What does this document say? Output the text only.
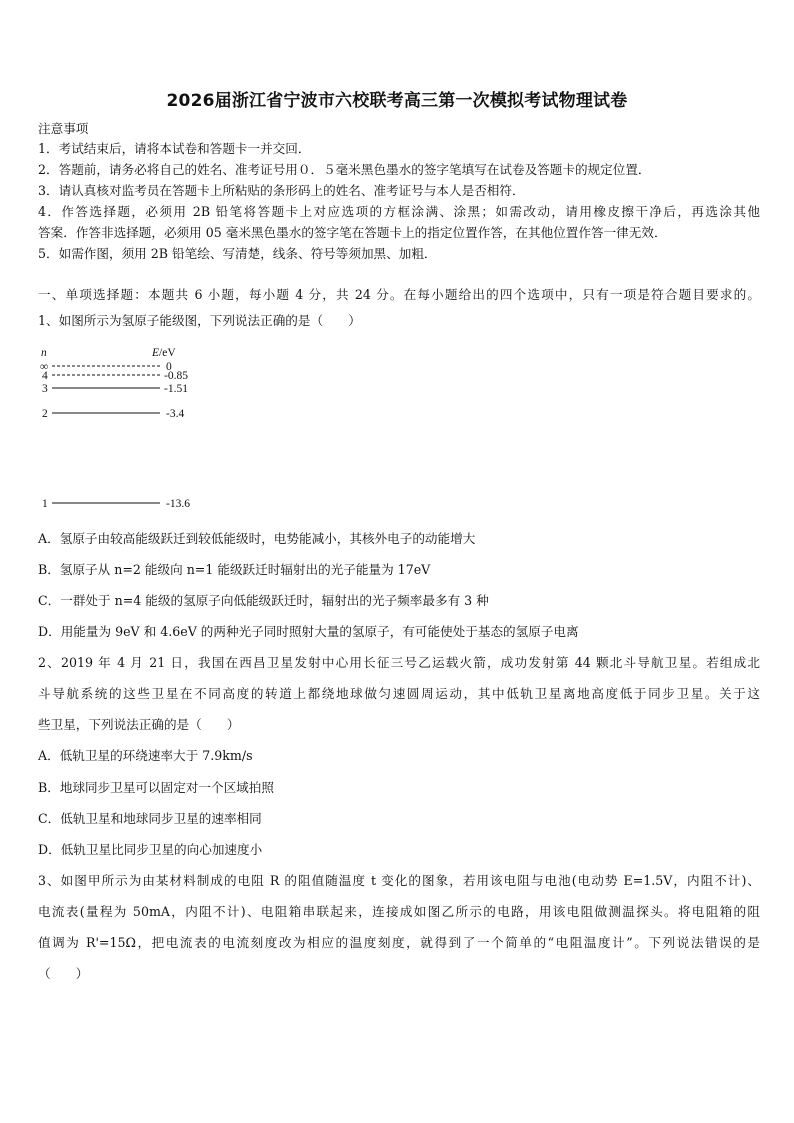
2026届浙江省宁波市六校联考高三第一次模拟考试物理试卷
注意事项
1．考试结束后，请将本试卷和答题卡一并交回．
2．答题前，请务必将自己的姓名、准考证号用０．５毫米黑色墨水的签字笔填写在试卷及答题卡的规定位置．
3．请认真核对监考员在答题卡上所粘贴的条形码上的姓名、准考证号与本人是否相符．
4．作答选择题，必须用 2B 铅笔将答题卡上对应选项的方框涂满、涂黑；如需改动，请用橡皮擦干净后，再选涂其他
答案．作答非选择题，必须用 05 毫米黑色墨水的签字笔在答题卡上的指定位置作答，在其他位置作答一律无效．
5．如需作图，须用 2B 铅笔绘、写清楚，线条、符号等须加黑、加粗．
一、单项选择题：本题共 6 小题，每小题 4 分，共 24 分。在每小题给出的四个选项中，只有一项是符合题目要求的。
1、如图所示为氢原子能级图，下列说法正确的是（　　）
n	E/eV
∞	0
4	-0.85
3	-1.51
2	-3.4
1	-13.6
A．氢原子由较高能级跃迁到较低能级时，电势能减小，其核外电子的动能增大
B．氢原子从 n=2 能级向 n=1 能级跃迁时辐射出的光子能量为 17eV
C．一群处于 n=4 能级的氢原子向低能级跃迁时，辐射出的光子频率最多有 3 种
D．用能量为 9eV 和 4.6eV 的两种光子同时照射大量的氢原子，有可能使处于基态的氢原子电离
2、2019 年 4 月 21 日，我国在西昌卫星发射中心用长征三号乙运载火箭，成功发射第 44 颗北斗导航卫星。若组成北
斗导航系统的这些卫星在不同高度的转道上都绕地球做匀速圆周运动，其中低轨卫星离地高度低于同步卫星。关于这
些卫星，下列说法正确的是（　　）
A．低轨卫星的环绕速率大于 7.9km/s
B．地球同步卫星可以固定对一个区域拍照
C．低轨卫星和地球同步卫星的速率相同
D．低轨卫星比同步卫星的向心加速度小
3、如图甲所示为由某材料制成的电阻 R 的阻值随温度 t 变化的图象，若用该电阻与电池(电动势 E=1.5V，内阻不计)、
电流表(量程为 50mA，内阻不计)、电阻箱串联起来，连接成如图乙所示的电路，用该电阻做测温探头。将电阻箱的阻
值调为 R'=15Ω，把电流表的电流刻度改为相应的温度刻度，就得到了一个简单的“电阻温度计”。下列说法错误的是
（　　）
